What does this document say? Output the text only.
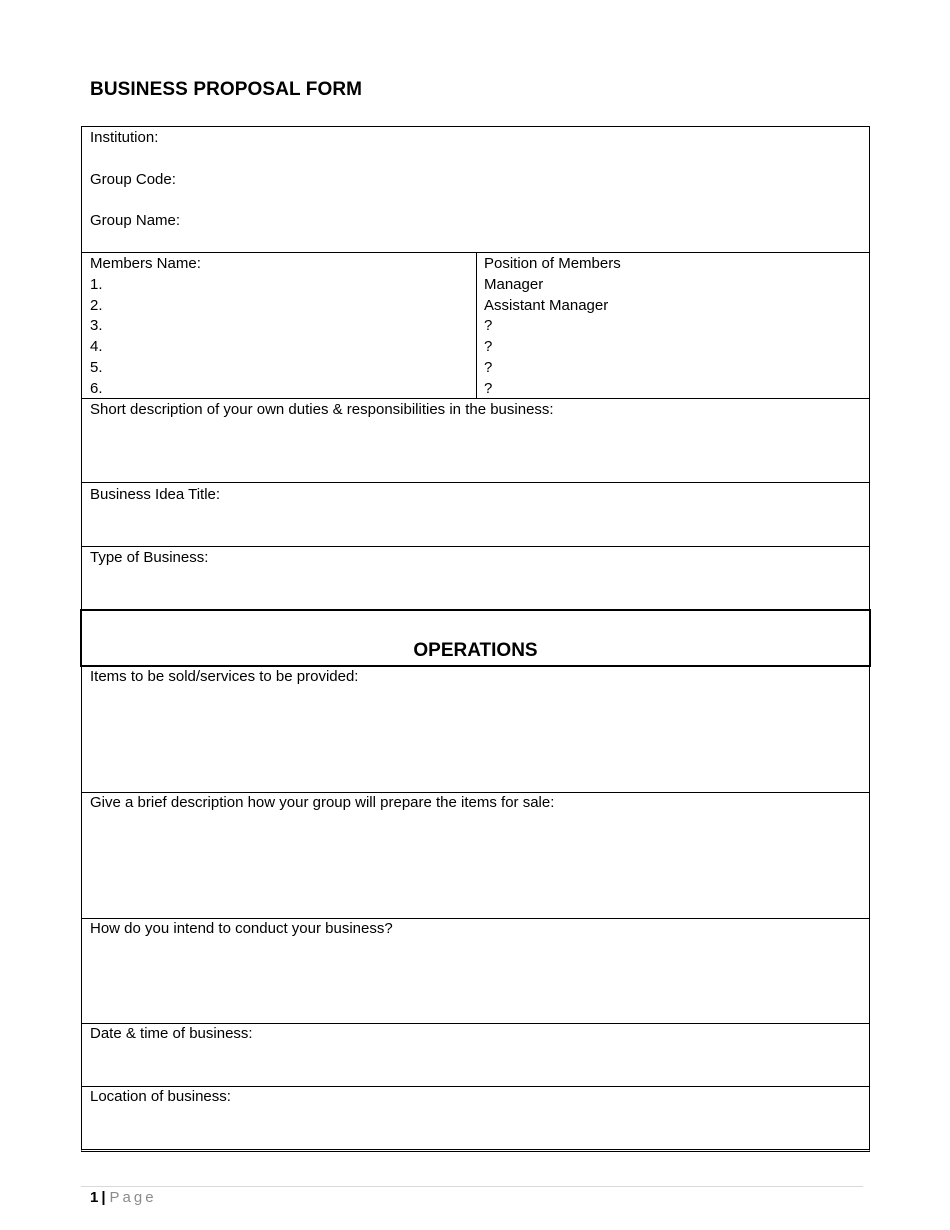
BUSINESS PROPOSAL FORM
Institution:
Group Code:
Group Name:
Members Name:
1.
2.
3.
4.
5.
6.
Position of Members
Manager
Assistant Manager
?
?
?
?
Short description of your own duties & responsibilities in the business:
Business Idea Title:
Type of Business:
OPERATIONS
Items to be sold/services to be provided:
Give a brief description how your group will prepare the items for sale:
How do you intend to conduct your business?
Date & time of business:
Location of business:
1 | Page
